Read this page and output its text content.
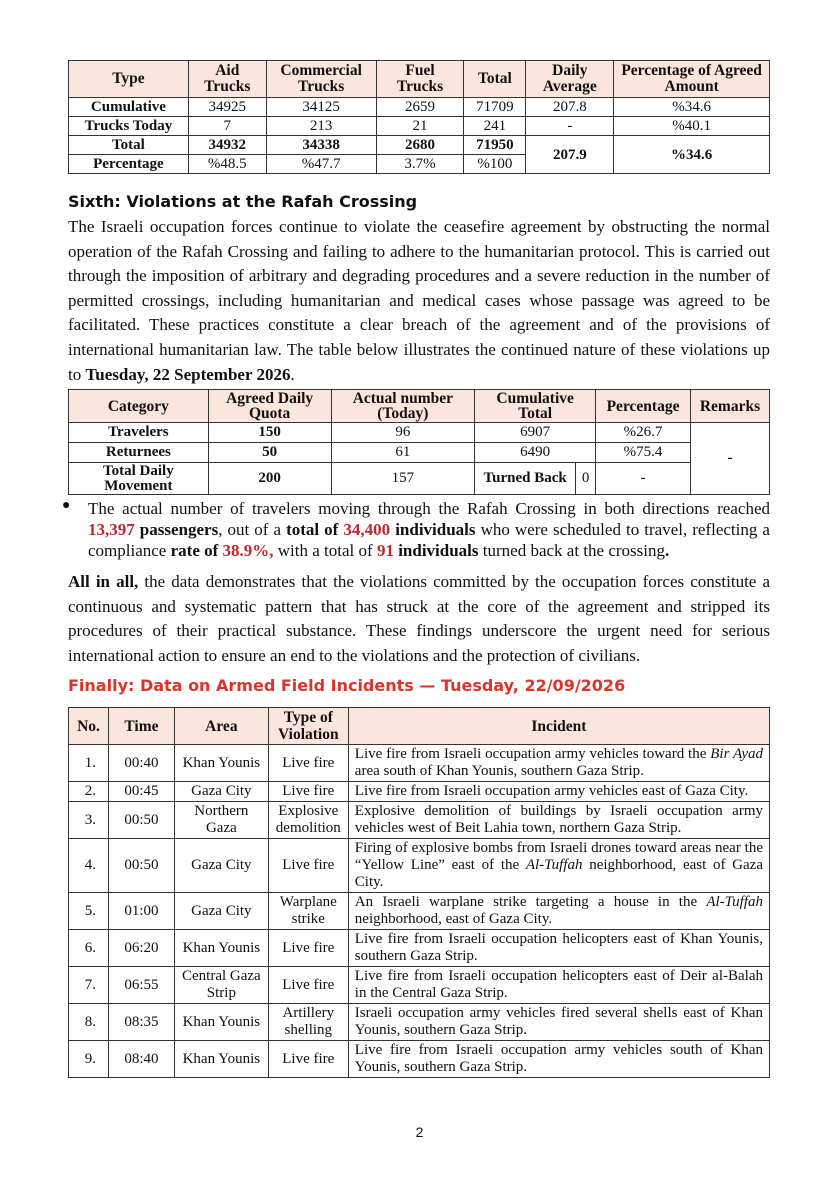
Type	Aid Trucks	Commercial Trucks	Fuel Trucks	Total	Daily Average	Percentage of Agreed Amount
Cumulative	34925	34125	2659	71709	207.8	%34.6
Trucks Today	7	213	21	241	-	%40.1
Total	34932	34338	2680	71950	207.9	%34.6
Percentage	%48.5	%47.7	3.7%	%100		
Sixth: Violations at the Rafah Crossing

The Israeli occupation forces continue to violate the ceasefire agreement by obstructing the normal operation of the Rafah Crossing and failing to adhere to the humanitarian protocol. This is carried out through the imposition of arbitrary and degrading procedures and a severe reduction in the number of permitted crossings, including humanitarian and medical cases whose passage was agreed to be facilitated. These practices constitute a clear breach of the agreement and of the provisions of international humanitarian law. The table below illustrates the continued nature of these violations up to Tuesday, 22 September 2026.

Category	Agreed Daily Quota	Actual number (Today)	Cumulative Total		Percentage	Remarks
Travelers	150	96	6907		%26.7	-
Returnees	50	61	6490		%75.4	
Total Daily Movement	200	157	Turned Back	0	-	
● The actual number of travelers moving through the Rafah Crossing in both directions reached 13,397 passengers, out of a total of 34,400 individuals who were scheduled to travel, reflecting a compliance rate of 38.9%, with a total of 91 individuals turned back at the crossing.

All in all, the data demonstrates that the violations committed by the occupation forces constitute a continuous and systematic pattern that has struck at the core of the agreement and stripped its procedures of their practical substance. These findings underscore the urgent need for serious international action to ensure an end to the violations and the protection of civilians.

Finally: Data on Armed Field Incidents — Tuesday, 22/09/2026
No.	Time	Area	Type of Violation	Incident
1.	00:40	Khan Younis	Live fire	Live fire from Israeli occupation army vehicles toward the Bir Ayad area south of Khan Younis, southern Gaza Strip.
2.	00:45	Gaza City	Live fire	Live fire from Israeli occupation army vehicles east of Gaza City.
3.	00:50	Northern Gaza	Explosive demolition	Explosive demolition of buildings by Israeli occupation army vehicles west of Beit Lahia town, northern Gaza Strip.
4.	00:50	Gaza City	Live fire	Firing of explosive bombs from Israeli drones toward areas near the “Yellow Line” east of the Al-Tuffah neighborhood, east of Gaza City.
5.	01:00	Gaza City	Warplane strike	An Israeli warplane strike targeting a house in the Al-Tuffah neighborhood, east of Gaza City.
6.	06:20	Khan Younis	Live fire	Live fire from Israeli occupation helicopters east of Khan Younis, southern Gaza Strip.
7.	06:55	Central Gaza Strip	Live fire	Live fire from Israeli occupation helicopters east of Deir al-Balah in the Central Gaza Strip.
8.	08:35	Khan Younis	Artillery shelling	Israeli occupation army vehicles fired several shells east of Khan Younis, southern Gaza Strip.
9.	08:40	Khan Younis	Live fire	Live fire from Israeli occupation army vehicles south of Khan Younis, southern Gaza Strip.
2
